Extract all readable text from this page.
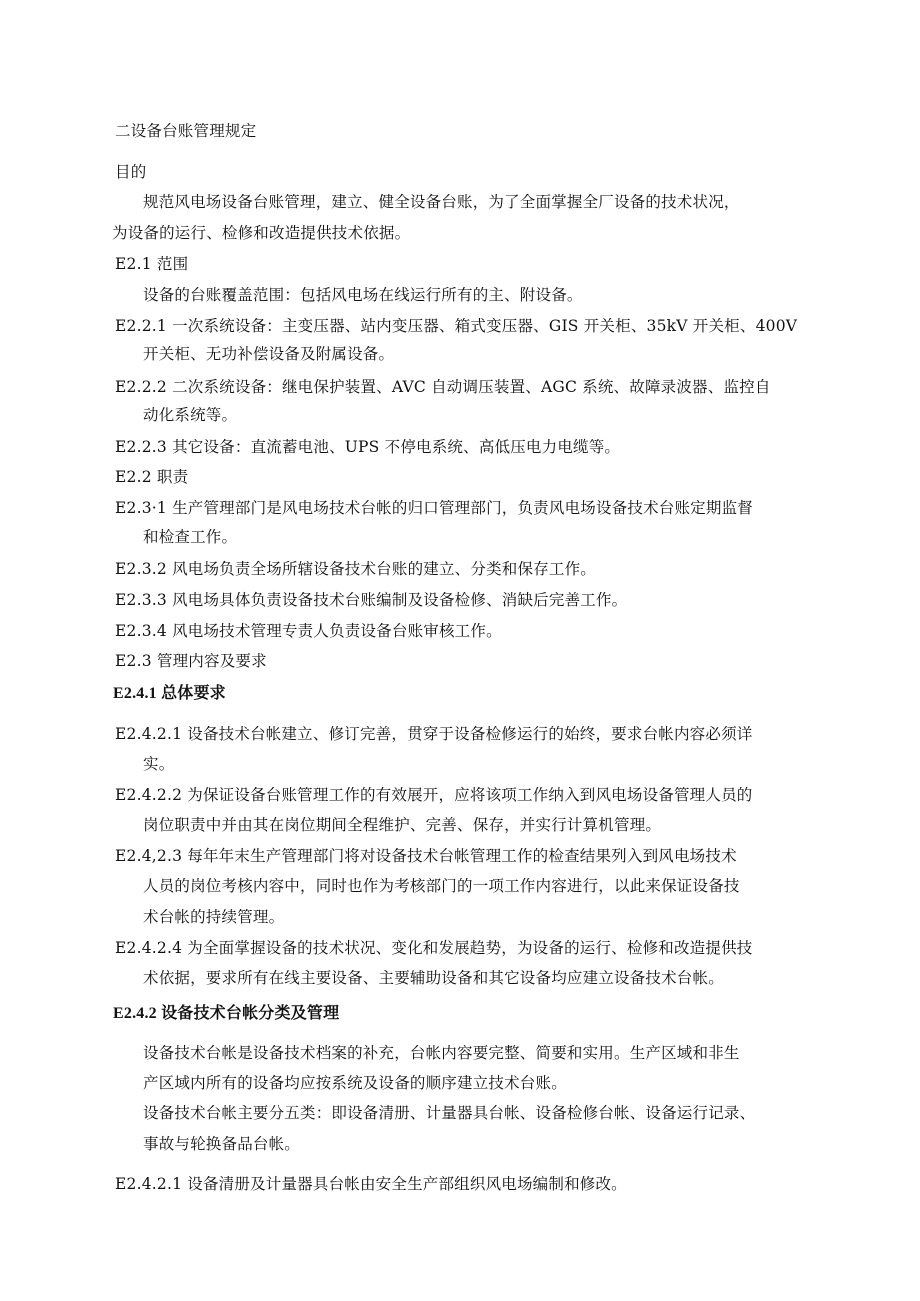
二设备台账管理规定
目的
规范风电场设备台账管理，建立、健全设备台账，为了全面掌握全厂设备的技术状况，
为设备的运行、检修和改造提供技术依据。
E2.1 范围
设备的台账覆盖范围：包括风电场在线运行所有的主、附设备。
E2.2.1 一次系统设备：主变压器、站内变压器、箱式变压器、GIS 开关柜、35kV 开关柜、400V
开关柜、无功补偿设备及附属设备。
E2.2.2 二次系统设备：继电保护装置、AVC 自动调压装置、AGC 系统、故障录波器、监控自
动化系统等。
E2.2.3 其它设备：直流蓄电池、UPS 不停电系统、高低压电力电缆等。
E2.2 职责
E2.3·1 生产管理部门是风电场技术台帐的归口管理部门，负责风电场设备技术台账定期监督
和检查工作。
E2.3.2 风电场负责全场所辖设备技术台账的建立、分类和保存工作。
E2.3.3 风电场具体负责设备技术台账编制及设备检修、消缺后完善工作。
E2.3.4 风电场技术管理专责人负责设备台账审核工作。
E2.3 管理内容及要求
E2.4.1 总体要求
E2.4.2.1 设备技术台帐建立、修订完善，贯穿于设备检修运行的始终，要求台帐内容必须详
实。
E2.4.2.2 为保证设备台账管理工作的有效展开，应将该项工作纳入到风电场设备管理人员的
岗位职责中并由其在岗位期间全程维护、完善、保存，并实行计算机管理。
E2.4,2.3 每年年末生产管理部门将对设备技术台帐管理工作的检查结果列入到风电场技术
人员的岗位考核内容中，同时也作为考核部门的一项工作内容进行，以此来保证设备技
术台帐的持续管理。
E2.4.2.4 为全面掌握设备的技术状况、变化和发展趋势，为设备的运行、检修和改造提供技
术依据，要求所有在线主要设备、主要辅助设备和其它设备均应建立设备技术台帐。
E2.4.2 设备技术台帐分类及管理
设备技术台帐是设备技术档案的补充，台帐内容要完整、简要和实用。生产区域和非生
产区域内所有的设备均应按系统及设备的顺序建立技术台账。
设备技术台帐主要分五类：即设备清册、计量器具台帐、设备检修台帐、设备运行记录、
事故与轮换备品台帐。
E2.4.2.1 设备清册及计量器具台帐由安全生产部组织风电场编制和修改。
